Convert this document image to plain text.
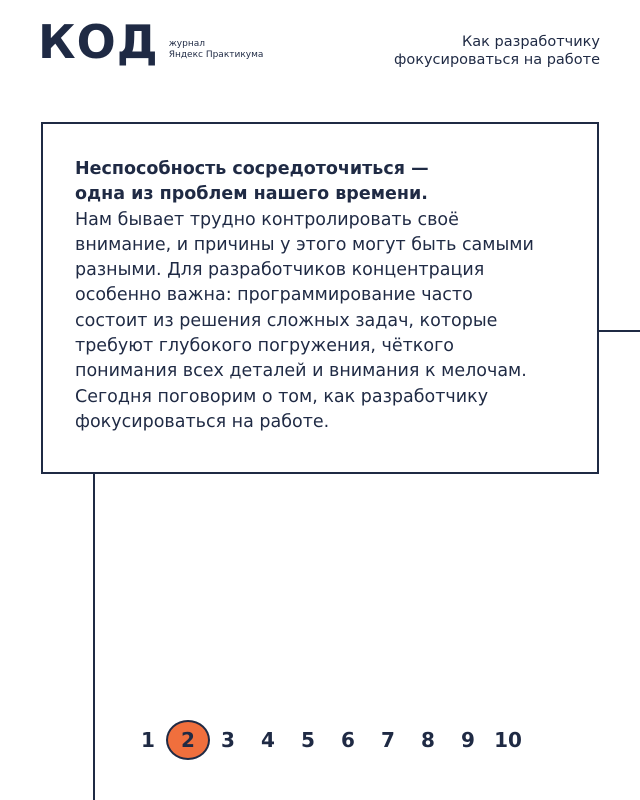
КОД журнал
Яндекс Практикума
Как разработчику
фокусироваться на работе
Неспособность сосредоточиться —
одна из проблем нашего времени.
Нам бывает трудно контролировать своё
внимание, и причины у этого могут быть самыми
разными. Для разработчиков концентрация
особенно важна: программирование часто
состоит из решения сложных задач, которые
требуют глубокого погружения, чёткого
понимания всех деталей и внимания к мелочам.
Сегодня поговорим о том, как разработчику
фокусироваться на работе.
1	2	3	4	5	6	7	8	9 10
